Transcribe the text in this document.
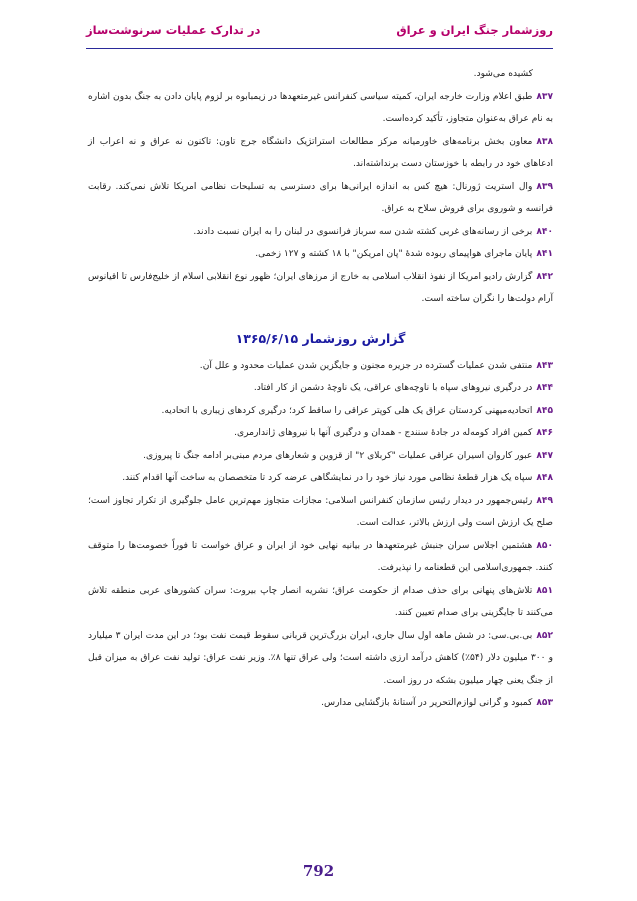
روزشمار جنگ ایران و عراق
در تدارک عملیات سرنوشت‌ساز
کشیده می‌شود.
۸۳۷طبق اعلام وزارت خارجه ایران، کمیته سیاسی کنفرانس غیرمتعهدها در زیمبابوه بر لزوم پایان دادن به جنگ بدون اشاره به نام عراق به‌عنوان متجاوز، تأکید کرده‌است.
۸۳۸معاون بخش برنامه‌های خاورمیانه مرکز مطالعات استراتژیک دانشگاه جرج تاون: تاکنون نه عراق و نه اعراب از ادعاهای خود در رابطه با خوزستان دست برنداشته‌اند.
۸۳۹وال استریت ژورنال: هیچ کس به اندازه ایرانی‌ها برای دسترسی به تسلیحات نظامی امریکا تلاش نمی‌کند. رقابت فرانسه و شوروی برای فروش سلاح به عراق.
۸۴۰برخی از رسانه‌های غربی کشته شدن سه سرباز فرانسوی در لبنان را به ایران نسبت دادند.
۸۴۱پایان ماجرای هواپیمای ربوده شدهٔ "پان امریکن" با ۱۸ کشته و ۱۲۷ زخمی.
۸۴۲گزارش رادیو امریکا از نفوذ انقلاب اسلامی به خارج از مرزهای ایران؛ ظهور نوع انقلابی اسلام از خلیج‌فارس تا اقیانوس آرام دولت‌ها را نگران ساخته است.
گزارش روزشمار ۱۳۶۵/۶/۱۵
۸۴۳منتفی شدن عملیات گسترده در جزیره مجنون و جایگزین شدن عملیات محدود و علل آن.
۸۴۴در درگیری نیروهای سپاه با ناوچه‌های عراقی، یک ناوچهٔ دشمن از کار افتاد.
۸۴۵اتحادیه‌میهنی کردستان عراق یک هلی کوپتر عراقی را ساقط کرد؛ درگیری کردهای زیباری با اتحادیه.
۸۴۶کمین افراد کومه‌له در جادهٔ سنندج - همدان و درگیری آنها با نیروهای ژاندارمری.
۸۴۷عبور کاروان اسیران عراقی عملیات "کربلای ۲" از قزوین و شعارهای مردم مبنی‌بر ادامه جنگ تا پیروزی.
۸۴۸سپاه یک هزار قطعهٔ نظامی مورد نیاز خود را در نمایشگاهی عرضه کرد تا متخصصان به ساخت آنها اقدام کنند.
۸۴۹رئیس‌جمهور در دیدار رئیس سازمان کنفرانس اسلامی: مجازات متجاوز مهم‌ترین عامل جلوگیری از تکرار تجاوز است؛ صلح یک ارزش است ولی ارزش بالاتر، عدالت است.
۸۵۰هشتمین اجلاس سران جنبش غیرمتعهدها در بیانیه نهایی خود از ایران و عراق خواست تا فوراً خصومت‌ها را متوقف کنند. جمهوری‌اسلامی این قطعنامه را نپذیرفت.
۸۵۱تلاش‌های پنهانی برای حذف صدام از حکومت عراق؛ نشریه انصار چاپ بیروت: سران کشورهای عربی منطقه تلاش می‌کنند تا جایگزینی برای صدام تعیین کنند.
۸۵۲بی.بی.سی: در شش ماهه اول سال جاری، ایران بزرگ‌ترین قربانی سقوط قیمت نفت بود؛ در این مدت ایران ۳ میلیارد و ۳۰۰ میلیون دلار (۵۴٪) کاهش درآمد ارزی داشته است؛ ولی عراق تنها ۸٪. وزیر نفت عراق: تولید نفت عراق به میزان قبل از جنگ یعنی چهار میلیون بشکه در روز است.
۸۵۳کمبود و گرانی لوازم‌التحریر در آستانهٔ بازگشایی مدارس.
792
